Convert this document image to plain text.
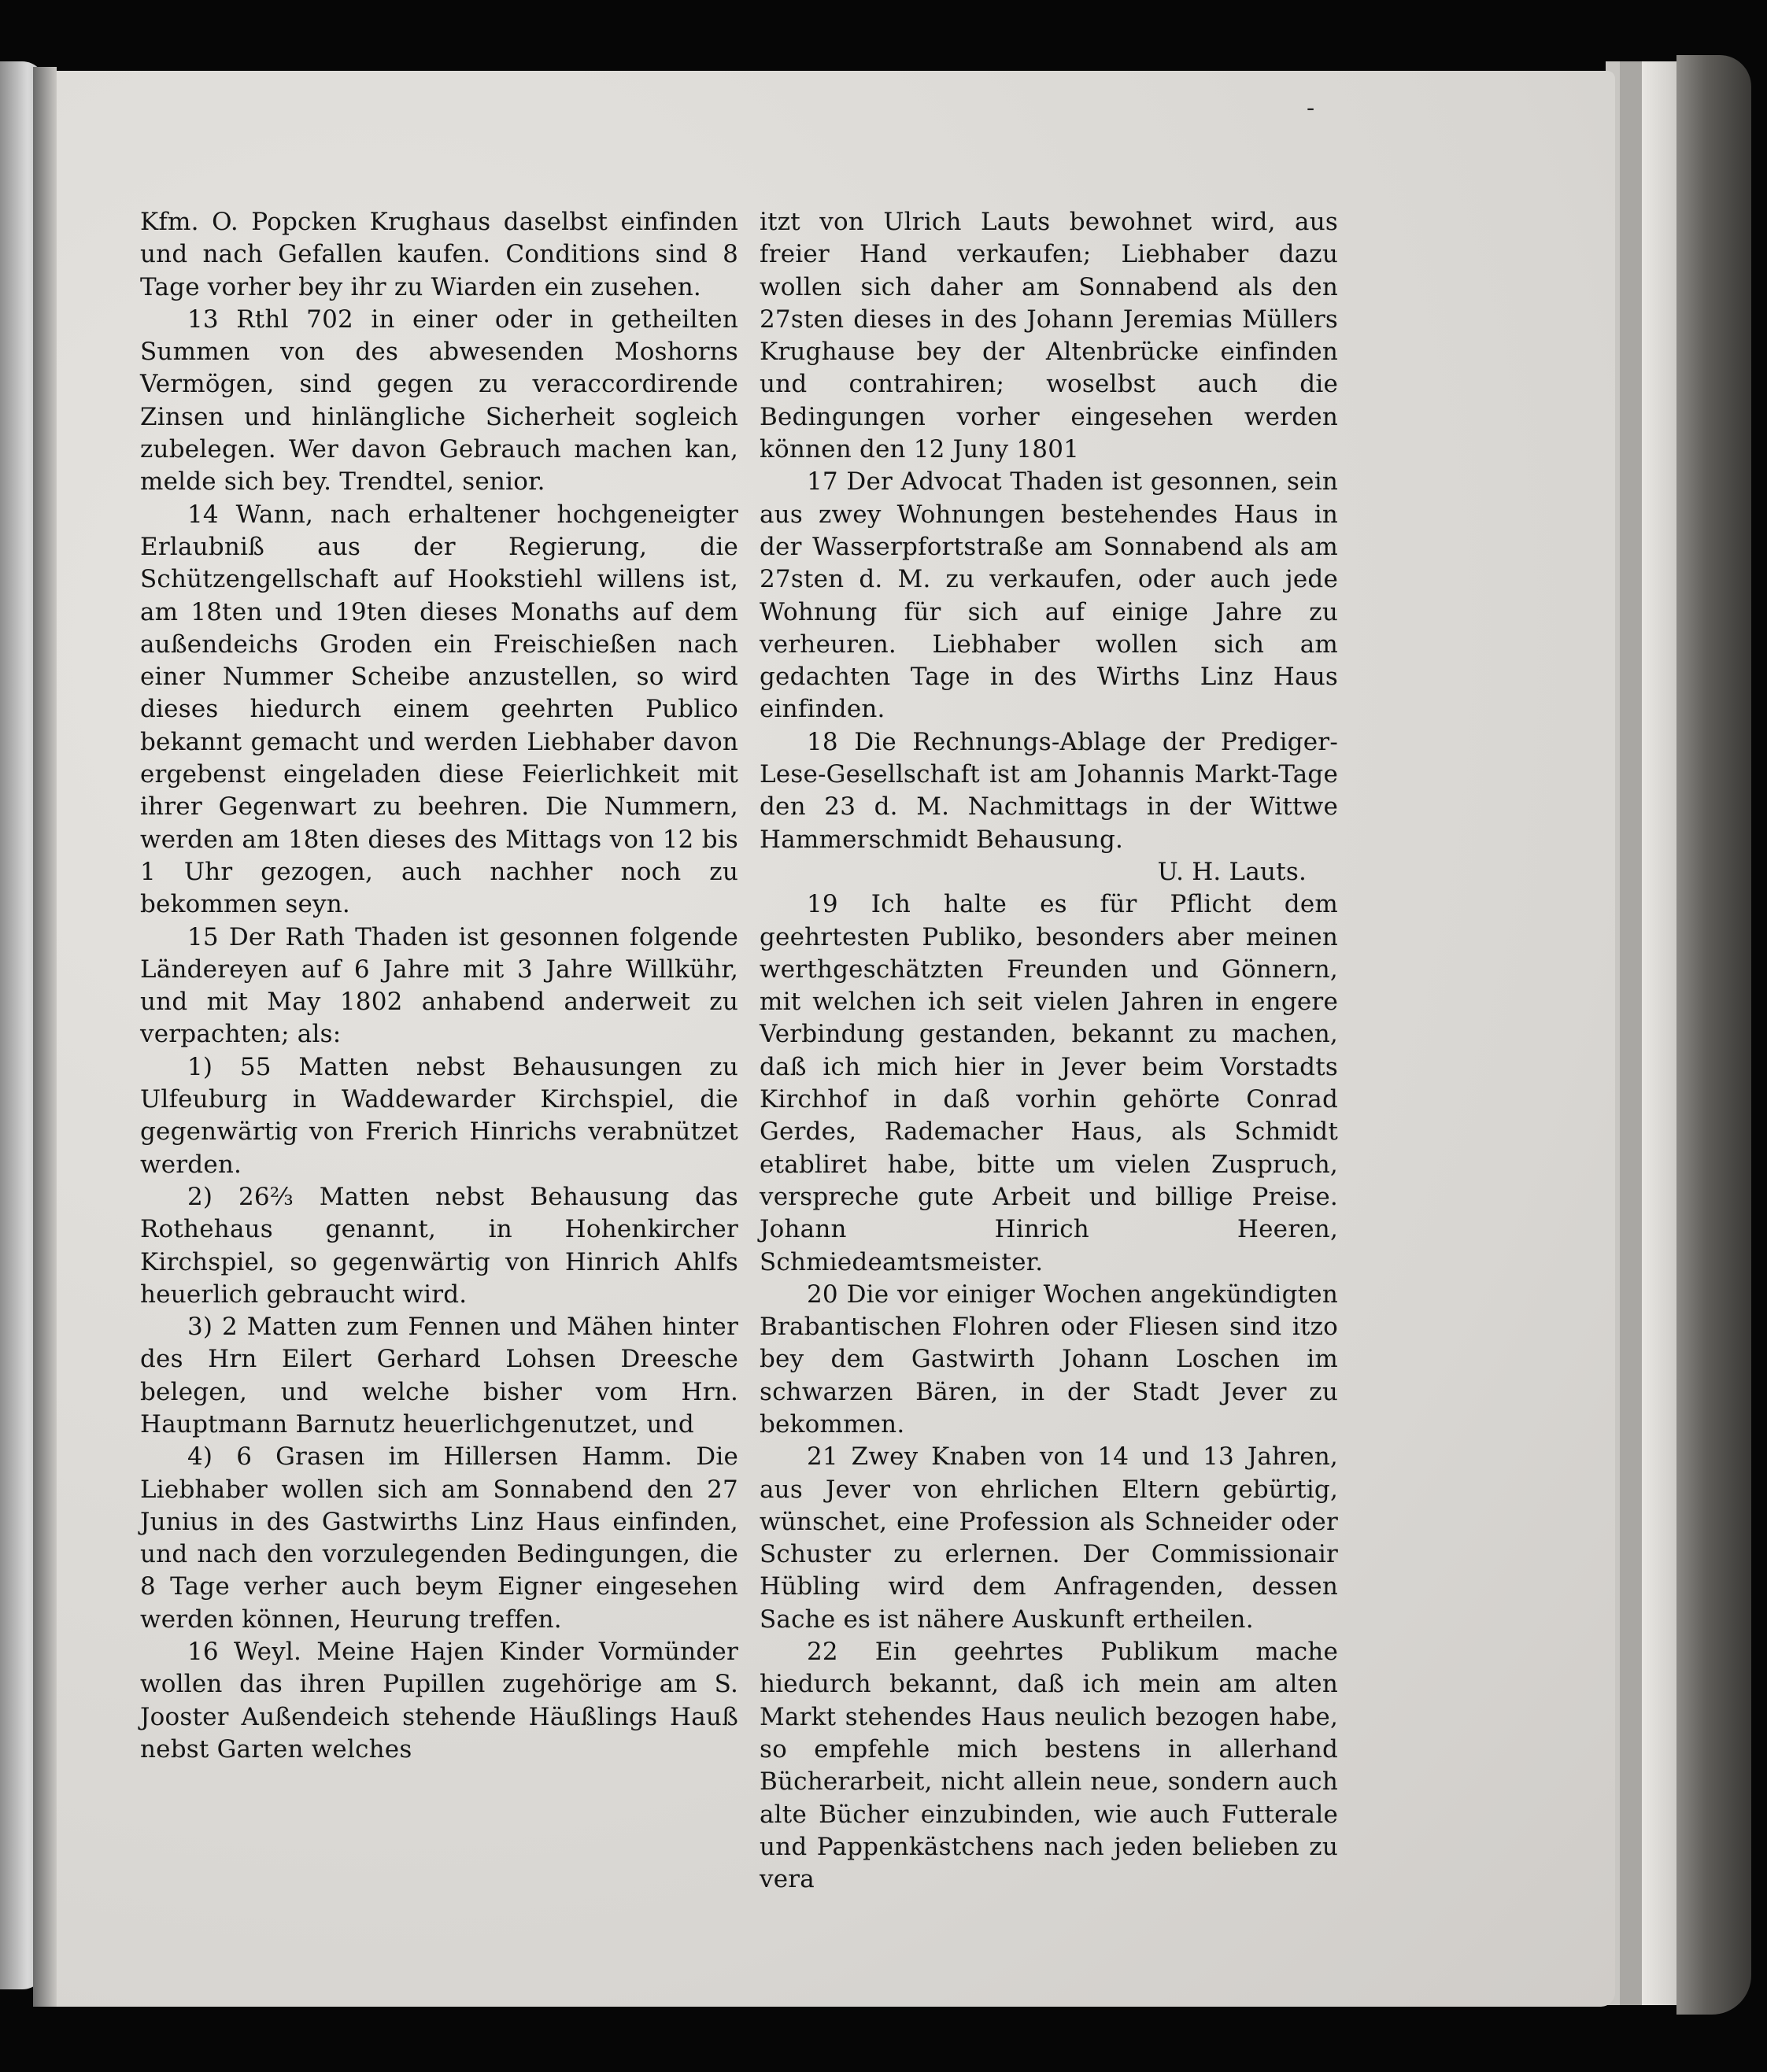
-

Kfm. O. Popcken Krughaus daselbst einfinden und nach Gefallen kaufen. Conditions sind 8 Tage vorher bey ihr zu Wiarden ein zusehen.

13 Rthl 702 in einer oder in getheilten Summen von des abwesenden Moshorns Vermögen, sind gegen zu veraccordirende Zinsen und hinlängliche Sicherheit sogleich zubelegen. Wer davon Gebrauch machen kan, melde sich bey. Trendtel, senior.

14 Wann, nach erhaltener hochgeneigter Erlaubniß aus der Regierung, die Schützengellschaft auf Hookstiehl willens ist, am 18ten und 19ten dieses Monaths auf dem außendeichs Groden ein Freischießen nach einer Nummer Scheibe anzustellen, so wird dieses hiedurch einem geehrten Publico bekannt gemacht und werden Liebhaber davon ergebenst eingeladen diese Feierlichkeit mit ihrer Gegenwart zu beehren. Die Nummern, werden am 18ten dieses des Mittags von 12 bis 1 Uhr gezogen, auch nachher noch zu bekommen seyn.

15 Der Rath Thaden ist gesonnen folgende Ländereyen auf 6 Jahre mit 3 Jahre Willkühr, und mit May 1802 anhabend anderweit zu verpachten; als:

1) 55 Matten nebst Behausungen zu Ulfeuburg in Waddewarder Kirchspiel, die gegenwärtig von Frerich Hinrichs verabnützet werden.

2) 26⅔ Matten nebst Behausung das Rothehaus genannt, in Hohenkircher Kirchspiel, so gegenwärtig von Hinrich Ahlfs heuerlich gebraucht wird.

3) 2 Matten zum Fennen und Mähen hinter des Hrn Eilert Gerhard Lohsen Dreesche belegen, und welche bisher vom Hrn. Hauptmann Barnutz heuerlichgenutzet, und

4) 6 Grasen im Hillersen Hamm. Die Liebhaber wollen sich am Sonnabend den 27 Junius in des Gastwirths Linz Haus einfinden, und nach den vorzulegenden Bedingungen, die 8 Tage verher auch beym Eigner eingesehen werden können, Heurung treffen.

16 Weyl. Meine Hajen Kinder Vormünder wollen das ihren Pupillen zugehörige am S. Jooster Außendeich stehende Häußlings Hauß nebst Garten welches

itzt von Ulrich Lauts bewohnet wird, aus freier Hand verkaufen; Liebhaber dazu wollen sich daher am Sonnabend als den 27sten dieses in des Johann Jeremias Müllers Krughause bey der Altenbrücke einfinden und contrahiren; woselbst auch die Bedingungen vorher eingesehen werden können den 12 Juny 1801

17 Der Advocat Thaden ist gesonnen, sein aus zwey Wohnungen bestehendes Haus in der Wasserpfortstraße am Sonnabend als am 27sten d. M. zu verkaufen, oder auch jede Wohnung für sich auf einige Jahre zu verheuren. Liebhaber wollen sich am gedachten Tage in des Wirths Linz Haus einfinden.

18 Die Rechnungs-Ablage der Prediger-Lese-Gesellschaft ist am Johannis Markt-Tage den 23 d. M. Nachmittags in der Wittwe Hammerschmidt Behausung.

U. H. Lauts.

19 Ich halte es für Pflicht dem geehrtesten Publiko, besonders aber meinen werthgeschätzten Freunden und Gönnern, mit welchen ich seit vielen Jahren in engere Verbindung gestanden, bekannt zu machen, daß ich mich hier in Jever beim Vorstadts Kirchhof in daß vorhin gehörte Conrad Gerdes, Rademacher Haus, als Schmidt etabliret habe, bitte um vielen Zuspruch, verspreche gute Arbeit und billige Preise. Johann Hinrich Heeren, Schmiedeamtsmeister.

20 Die vor einiger Wochen angekündigten Brabantischen Flohren oder Fliesen sind itzo bey dem Gastwirth Johann Loschen im schwarzen Bären, in der Stadt Jever zu bekommen.

21 Zwey Knaben von 14 und 13 Jahren, aus Jever von ehrlichen Eltern gebürtig, wünschet, eine Profession als Schneider oder Schuster zu erlernen. Der Commissionair Hübling wird dem Anfragenden, dessen Sache es ist nähere Auskunft ertheilen.

22 Ein geehrtes Publikum mache hiedurch bekannt, daß ich mein am alten Markt stehendes Haus neulich bezogen habe, so empfehle mich bestens in allerhand Bücherarbeit, nicht allein neue, sondern auch alte Bücher einzubinden, wie auch Futterale und Pappenkästchens nach jeden belieben zu vera
